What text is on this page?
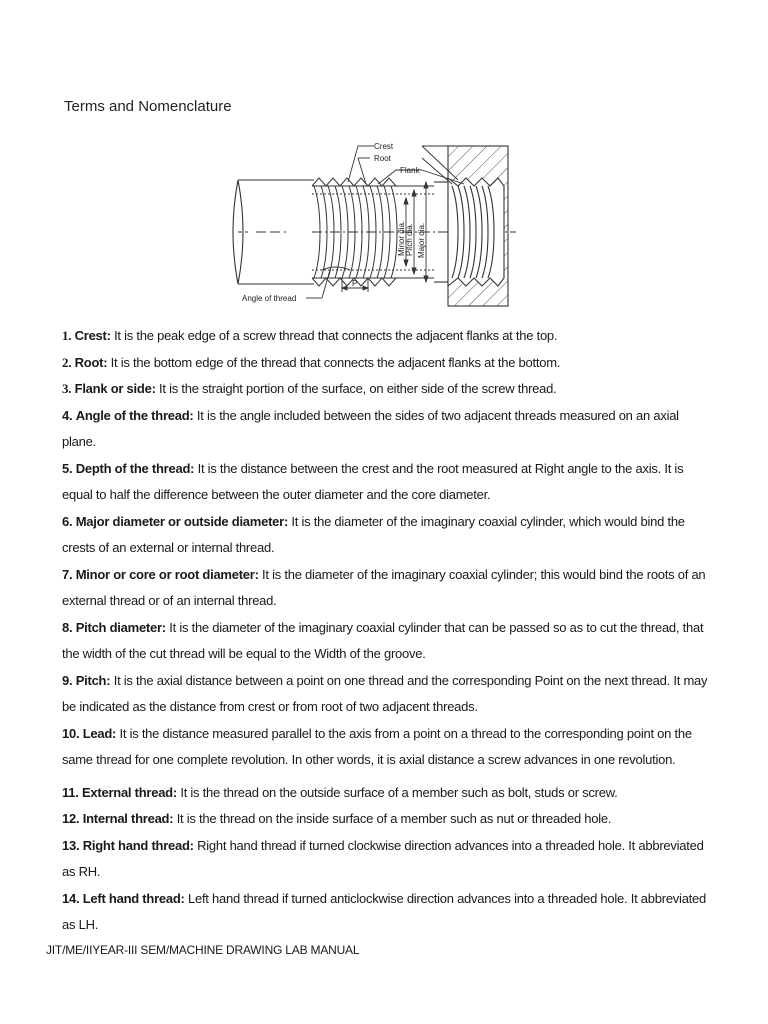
Terms and Nomenclature
Minor dia. Pitch dia. Major dia.
Crest
Root
Flank
P
Angle of thread

1. Crest: It is the peak edge of a screw thread that connects the adjacent flanks at the top.

2. Root: It is the bottom edge of the thread that connects the adjacent flanks at the bottom.

3. Flank or side: It is the straight portion of the surface, on either side of the screw thread.

4. Angle of the thread: It is the angle included between the sides of two adjacent threads measured on an axial plane.

5. Depth of the thread: It is the distance between the crest and the root measured at Right angle to the axis. It is equal to half the difference between the outer diameter and the core diameter.

6. Major diameter or outside diameter: It is the diameter of the imaginary coaxial cylinder, which would bind the crests of an external or internal thread.

7. Minor or core or root diameter: It is the diameter of the imaginary coaxial cylinder; this would bind the roots of an external thread or of an internal thread.

8. Pitch diameter: It is the diameter of the imaginary coaxial cylinder that can be passed so as to cut the thread, that the width of the cut thread will be equal to the Width of the groove.

9. Pitch: It is the axial distance between a point on one thread and the corresponding Point on the next thread. It may be indicated as the distance from crest or from root of two adjacent threads.

10. Lead: It is the distance measured parallel to the axis from a point on a thread to the corresponding point on the same thread for one complete revolution. In other words, it is axial distance a screw advances in one revolution.

11. External thread: It is the thread on the outside surface of a member such as bolt, studs or screw.

12. Internal thread: It is the thread on the inside surface of a member such as nut or threaded hole.

13. Right hand thread: Right hand thread if turned clockwise direction advances into a threaded hole. It abbreviated as RH.

14. Left hand thread: Left hand thread if turned anticlockwise direction advances into a threaded hole. It abbreviated as LH.

JIT/ME/IIYEAR-III SEM/MACHINE DRAWING LAB MANUAL
